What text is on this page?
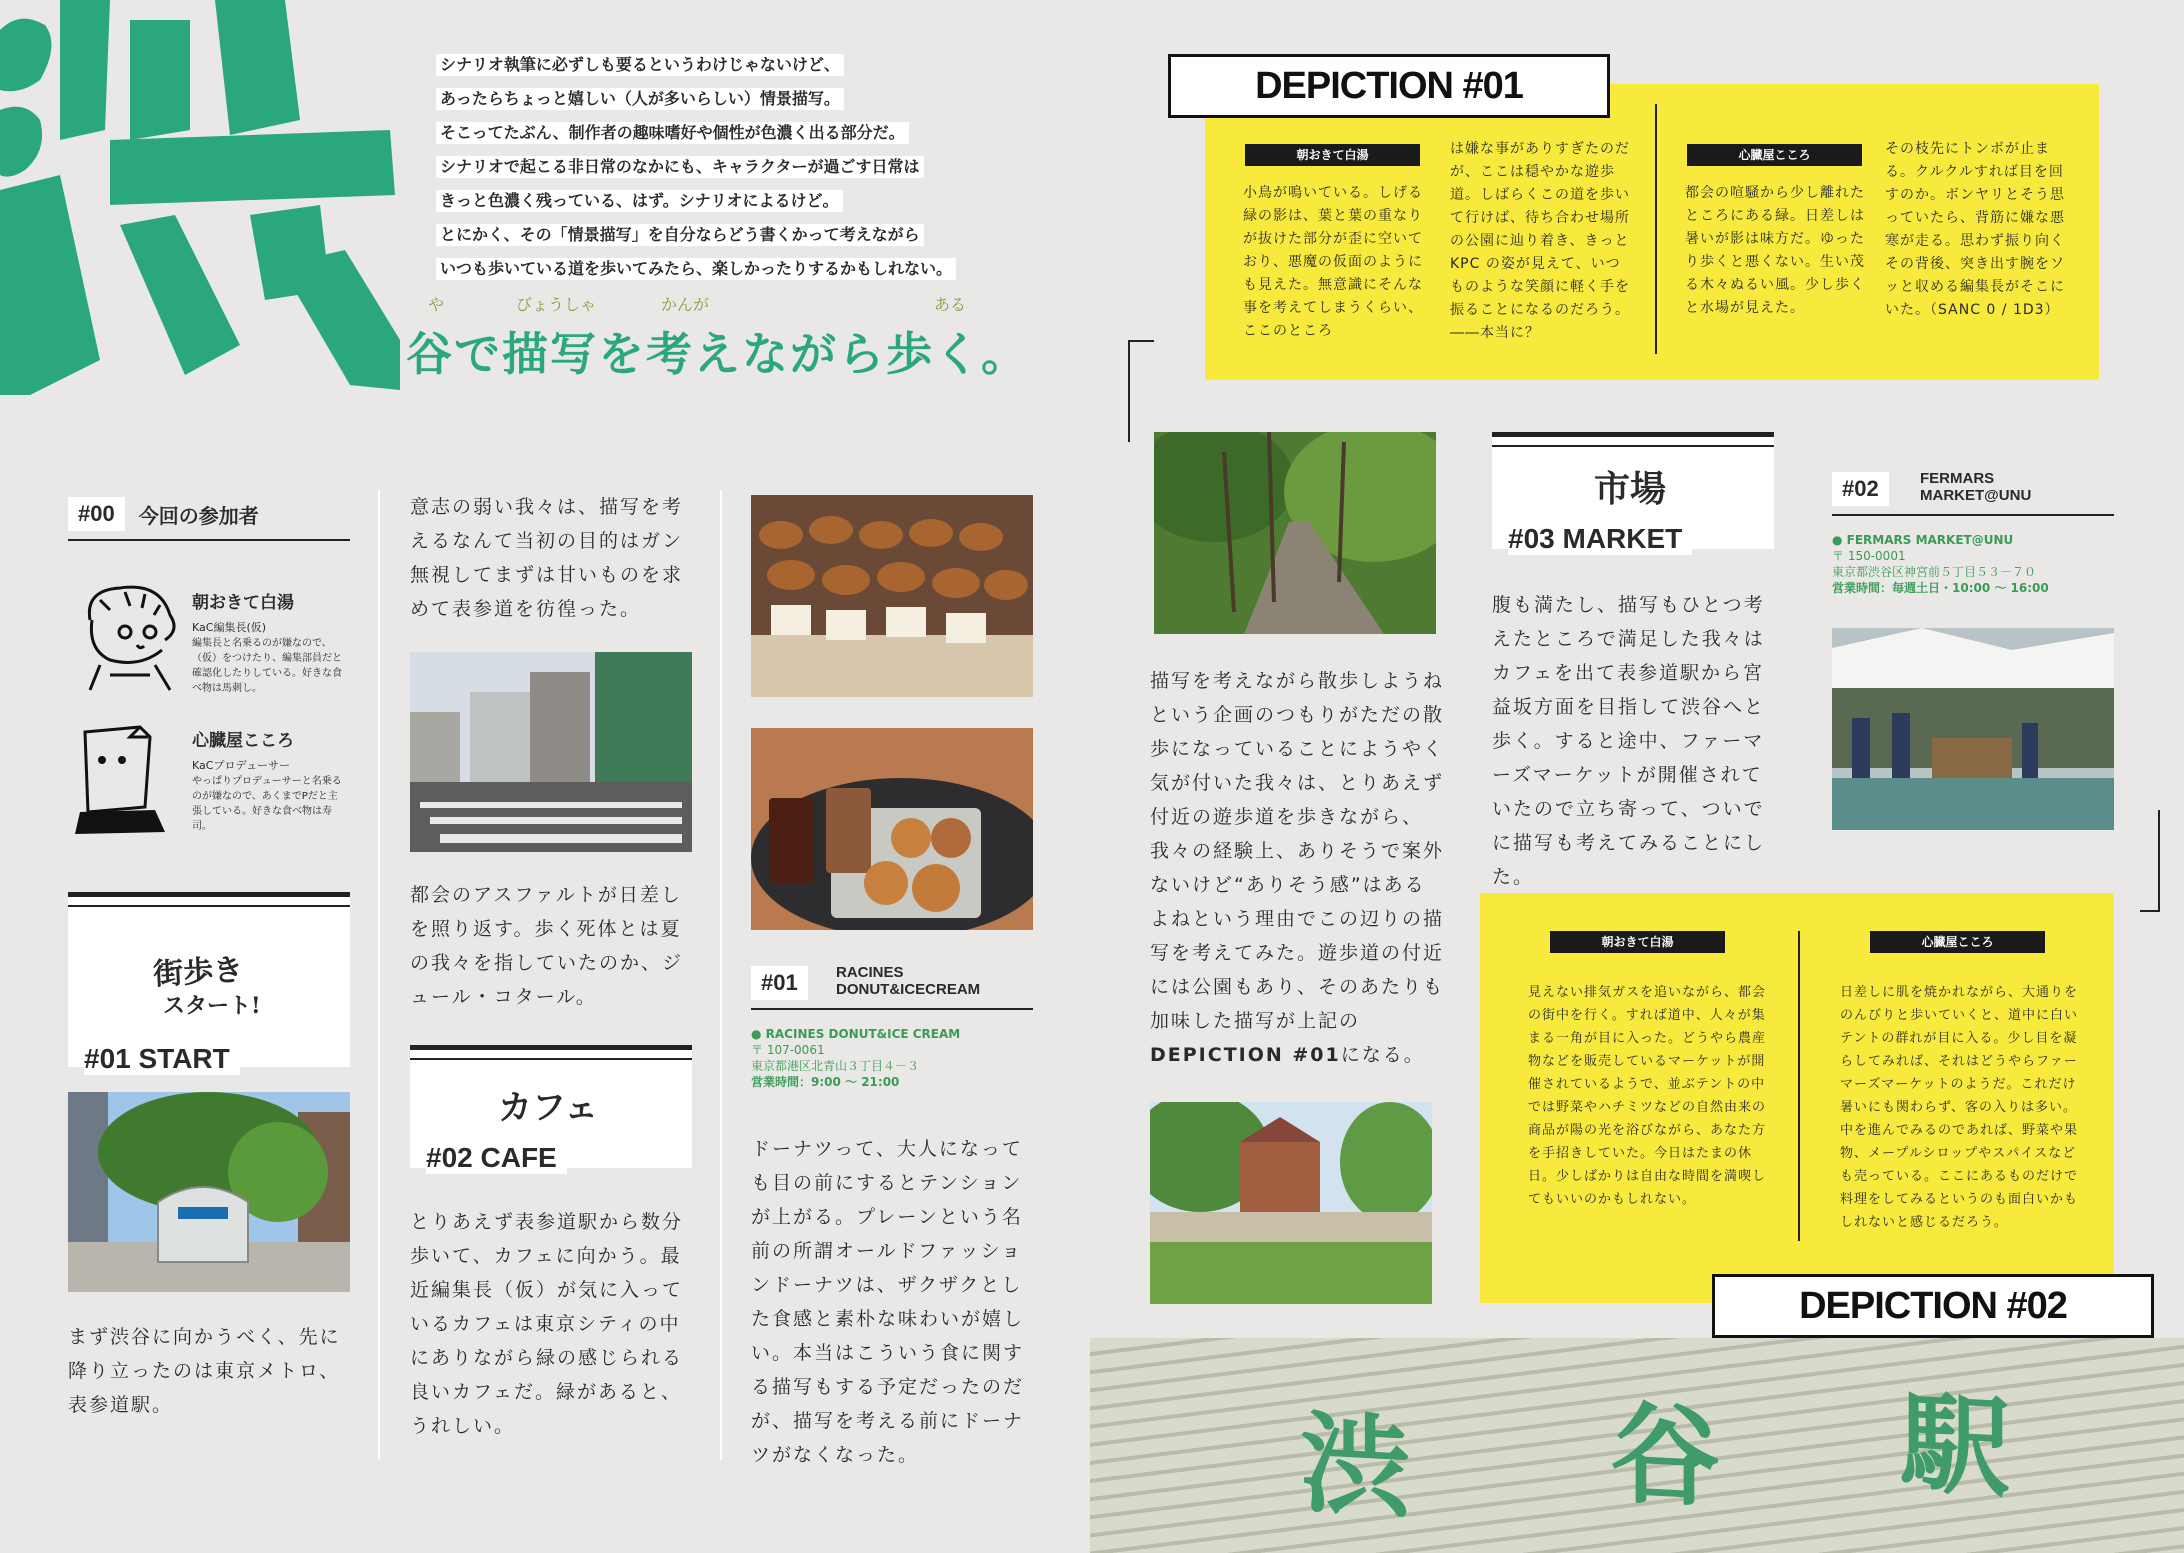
シナリオ執筆に必ずしも要るというわけじゃないけど、
あったらちょっと嬉しい（人が多いらしい）情景描写。
そこってたぶん、制作者の趣味嗜好や個性が色濃く出る部分だ。
シナリオで起こる非日常のなかにも、キャラクターが過ごす日常は
きっと色濃く残っている、はず。シナリオによるけど。
とにかく、その「情景描写」を自分ならどう書くかって考えながら
いつも歩いている道を歩いてみたら、楽しかったりするかもしれない。
や	びょうしゃ	かんが	ある
谷で描写を考えながら歩く。
#00	今回の参加者
朝おきて白湯
KaC編集長(仮)
編集長と名乗るのが嫌なので、（仮）をつけたり、編集部員だと確認化したりしている。好きな食べ物は馬刺し。
心臓屋こころ
KaCプロデューサー
やっぱりプロデューサーと名乗るのが嫌なので、あくまでPだと主張している。好きな食べ物は寿司。
街歩き
スタート!
#01 START
まず渋谷に向かうべく、先に降り立ったのは東京メトロ、表参道駅。
意志の弱い我々は、描写を考えるなんて当初の目的はガン無視してまずは甘いものを求めて表参道を彷徨った。
都会のアスファルトが日差しを照り返す。歩く死体とは夏の我々を指していたのか、ジュール・コタール。
カフェ
#02 CAFE
とりあえず表参道駅から数分歩いて、カフェに向かう。最近編集長（仮）が気に入っているカフェは東京シティの中にありながら緑の感じられる良いカフェだ。緑があると、うれしい。
#01	RACINES
DONUT&ICECREAM
● RACINES DONUT&ICE CREAM
〒 107-0061
東京都港区北青山３丁目４－３
営業時間：9:00 ～ 21:00
ドーナツって、大人になっても目の前にするとテンションが上がる。プレーンという名前の所謂オールドファッションドーナツは、ザクザクとした食感と素朴な味わいが嬉しい。本当はこういう食に関する描写もする予定だったのだが、描写を考える前にドーナツがなくなった。
朝おきて白湯
小鳥が鳴いている。しげる緑の影は、葉と葉の重なりが抜けた部分が歪に空いており、悪魔の仮面のようにも見えた。無意識にそんな事を考えてしまうくらい、ここのところ
は嫌な事がありすぎたのだが、ここは穏やかな遊歩道。しばらくこの道を歩いて行けば、待ち合わせ場所の公園に辿り着き、きっと KPC の姿が見えて、いつものような笑顔に軽く手を振ることになるのだろう。――本当に？
心臓屋こころ
都会の喧騒から少し離れたところにある緑。日差しは暑いが影は味方だ。ゆったり歩くと悪くない。生い茂る木々ぬるい風。少し歩くと水場が見えた。
その枝先にトンボが止まる。クルクルすれば目を回すのか。ボンヤリとそう思っていたら、背筋に嫌な悪寒が走る。思わず振り向くその背後、突き出す腕をソッと収める編集長がそこにいた。（SANC 0 / 1D3）
DEPICTION #01
市場
#03 MARKET
腹も満たし、描写もひとつ考えたところで満足した我々はカフェを出て表参道駅から宮益坂方面を目指して渋谷へと歩く。すると途中、ファーマーズマーケットが開催されていたので立ち寄って、ついでに描写も考えてみることにした。
描写を考えながら散歩しようねという企画のつもりがただの散歩になっていることにようやく気が付いた我々は、とりあえず付近の遊歩道を歩きながら、我々の経験上、ありそうで案外ないけど“ありそう感”はあるよねという理由でこの辺りの描写を考えてみた。遊歩道の付近には公園もあり、そのあたりも加味した描写が上記のDEPICTION #01になる。
#02	FERMARS
MARKET@UNU
● FERMARS MARKET@UNU
〒 150-0001
東京都渋谷区神宮前５丁目５３－７０
営業時間：毎週土日・10:00 ～ 16:00
朝おきて白湯
見えない排気ガスを追いながら、都会の街中を行く。すれば道中、人々が集まる一角が目に入った。どうやら農産物などを販売しているマーケットが開催されているようで、並ぶテントの中では野菜やハチミツなどの自然由来の商品が陽の光を浴びながら、あなた方を手招きしていた。今日はたまの休日。少しばかりは自由な時間を満喫してもいいのかもしれない。
心臓屋こころ
日差しに肌を焼かれながら、大通りをのんびりと歩いていくと、道中に白いテントの群れが目に入る。少し目を凝らしてみれば、それはどうやらファーマーズマーケットのようだ。これだけ暑いにも関わらず、客の入りは多い。中を進んでみるのであれば、野菜や果物、メープルシロップやスパイスなども売っている。ここにあるものだけで料理をしてみるというのも面白いかもしれないと感じるだろう。
DEPICTION #02
渋 谷 駅
